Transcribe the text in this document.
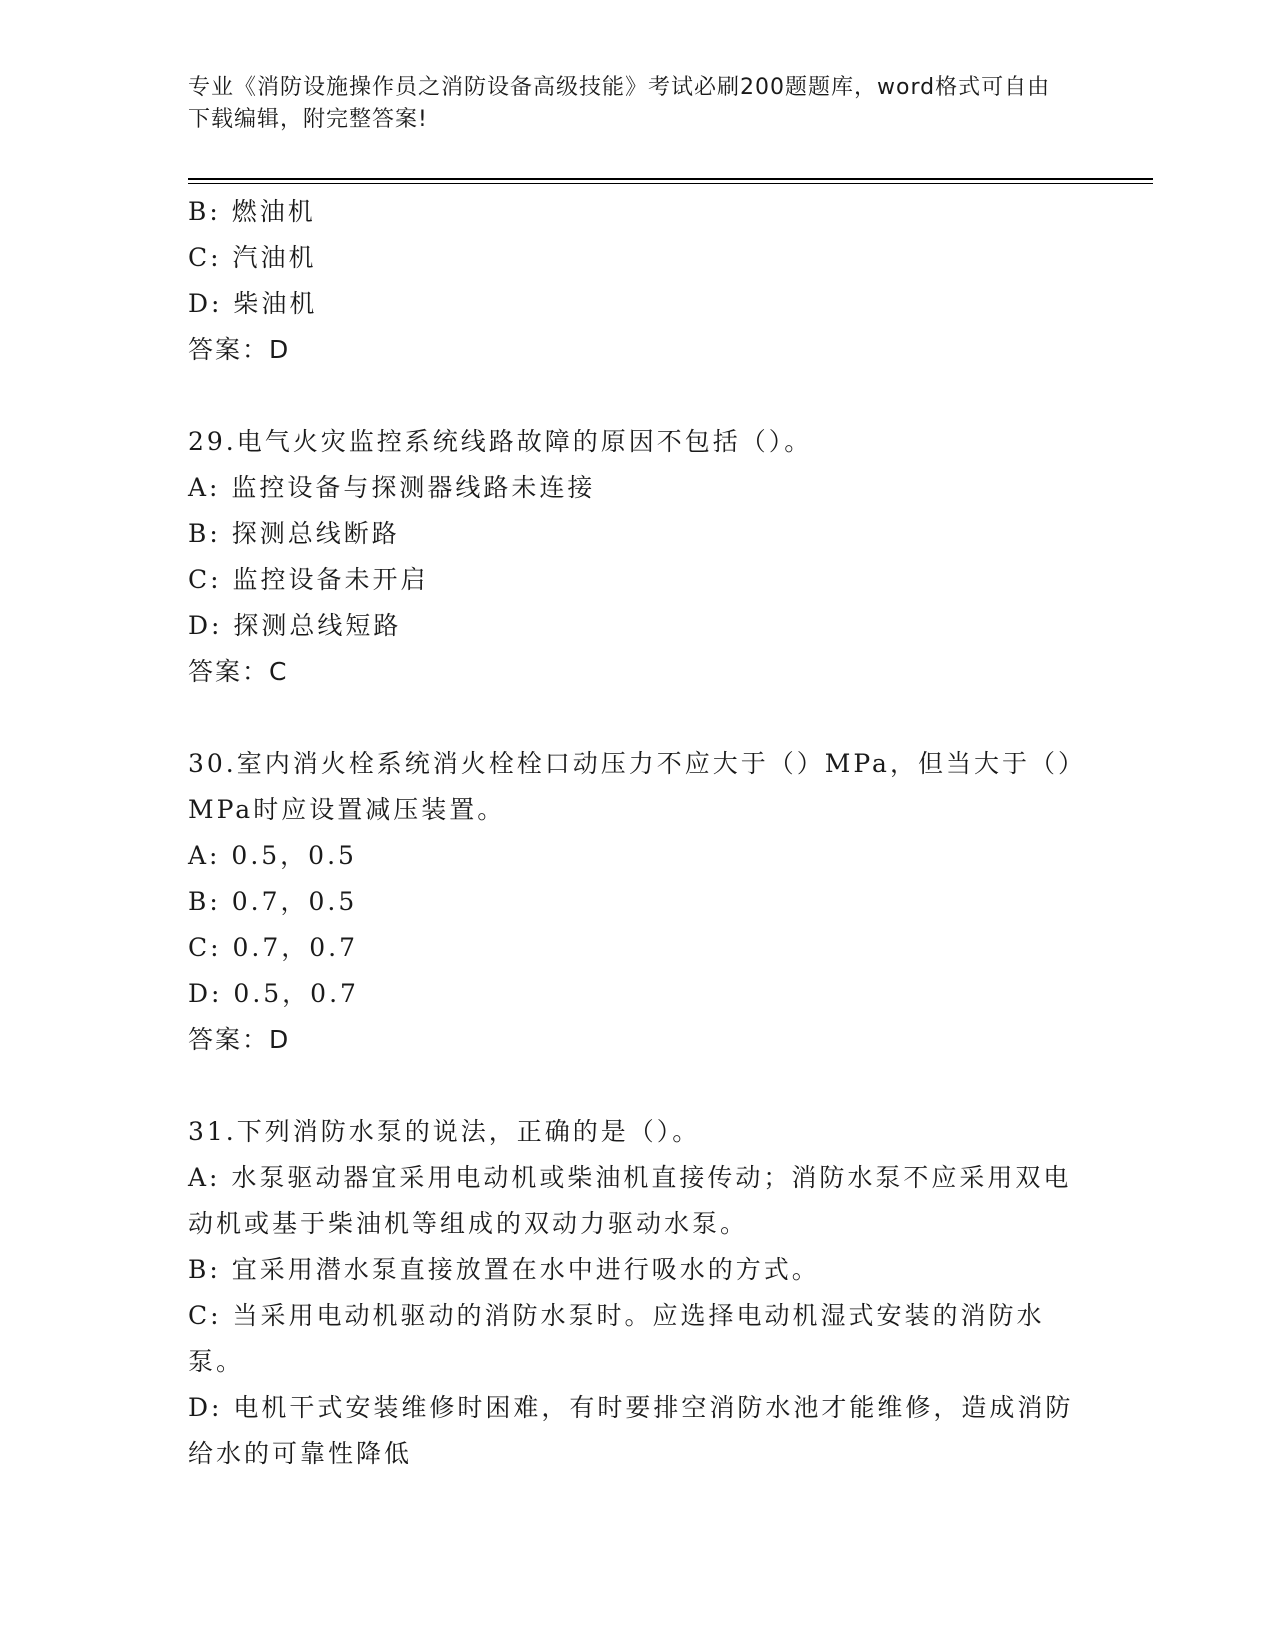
专业《消防设施操作员之消防设备高级技能》考试必刷200题题库，word格式可自由下载编辑，附完整答案!
B: 燃油机
C: 汽油机
D: 柴油机
答案：D
29.电气火灾监控系统线路故障的原因不包括（）。
A: 监控设备与探测器线路未连接
B: 探测总线断路
C: 监控设备未开启
D: 探测总线短路
答案：C
30.室内消火栓系统消火栓栓口动压力不应大于（）MPa，但当大于（）MPa时应设置减压装置。
A: 0.5，0.5
B: 0.7，0.5
C: 0.7，0.7
D: 0.5，0.7
答案：D
31.下列消防水泵的说法，正确的是（）。
A: 水泵驱动器宜采用电动机或柴油机直接传动；消防水泵不应采用双电动机或基于柴油机等组成的双动力驱动水泵。
B: 宜采用潜水泵直接放置在水中进行吸水的方式。
C: 当采用电动机驱动的消防水泵时。应选择电动机湿式安装的消防水泵。
D: 电机干式安装维修时困难，有时要排空消防水池才能维修，造成消防给水的可靠性降低
